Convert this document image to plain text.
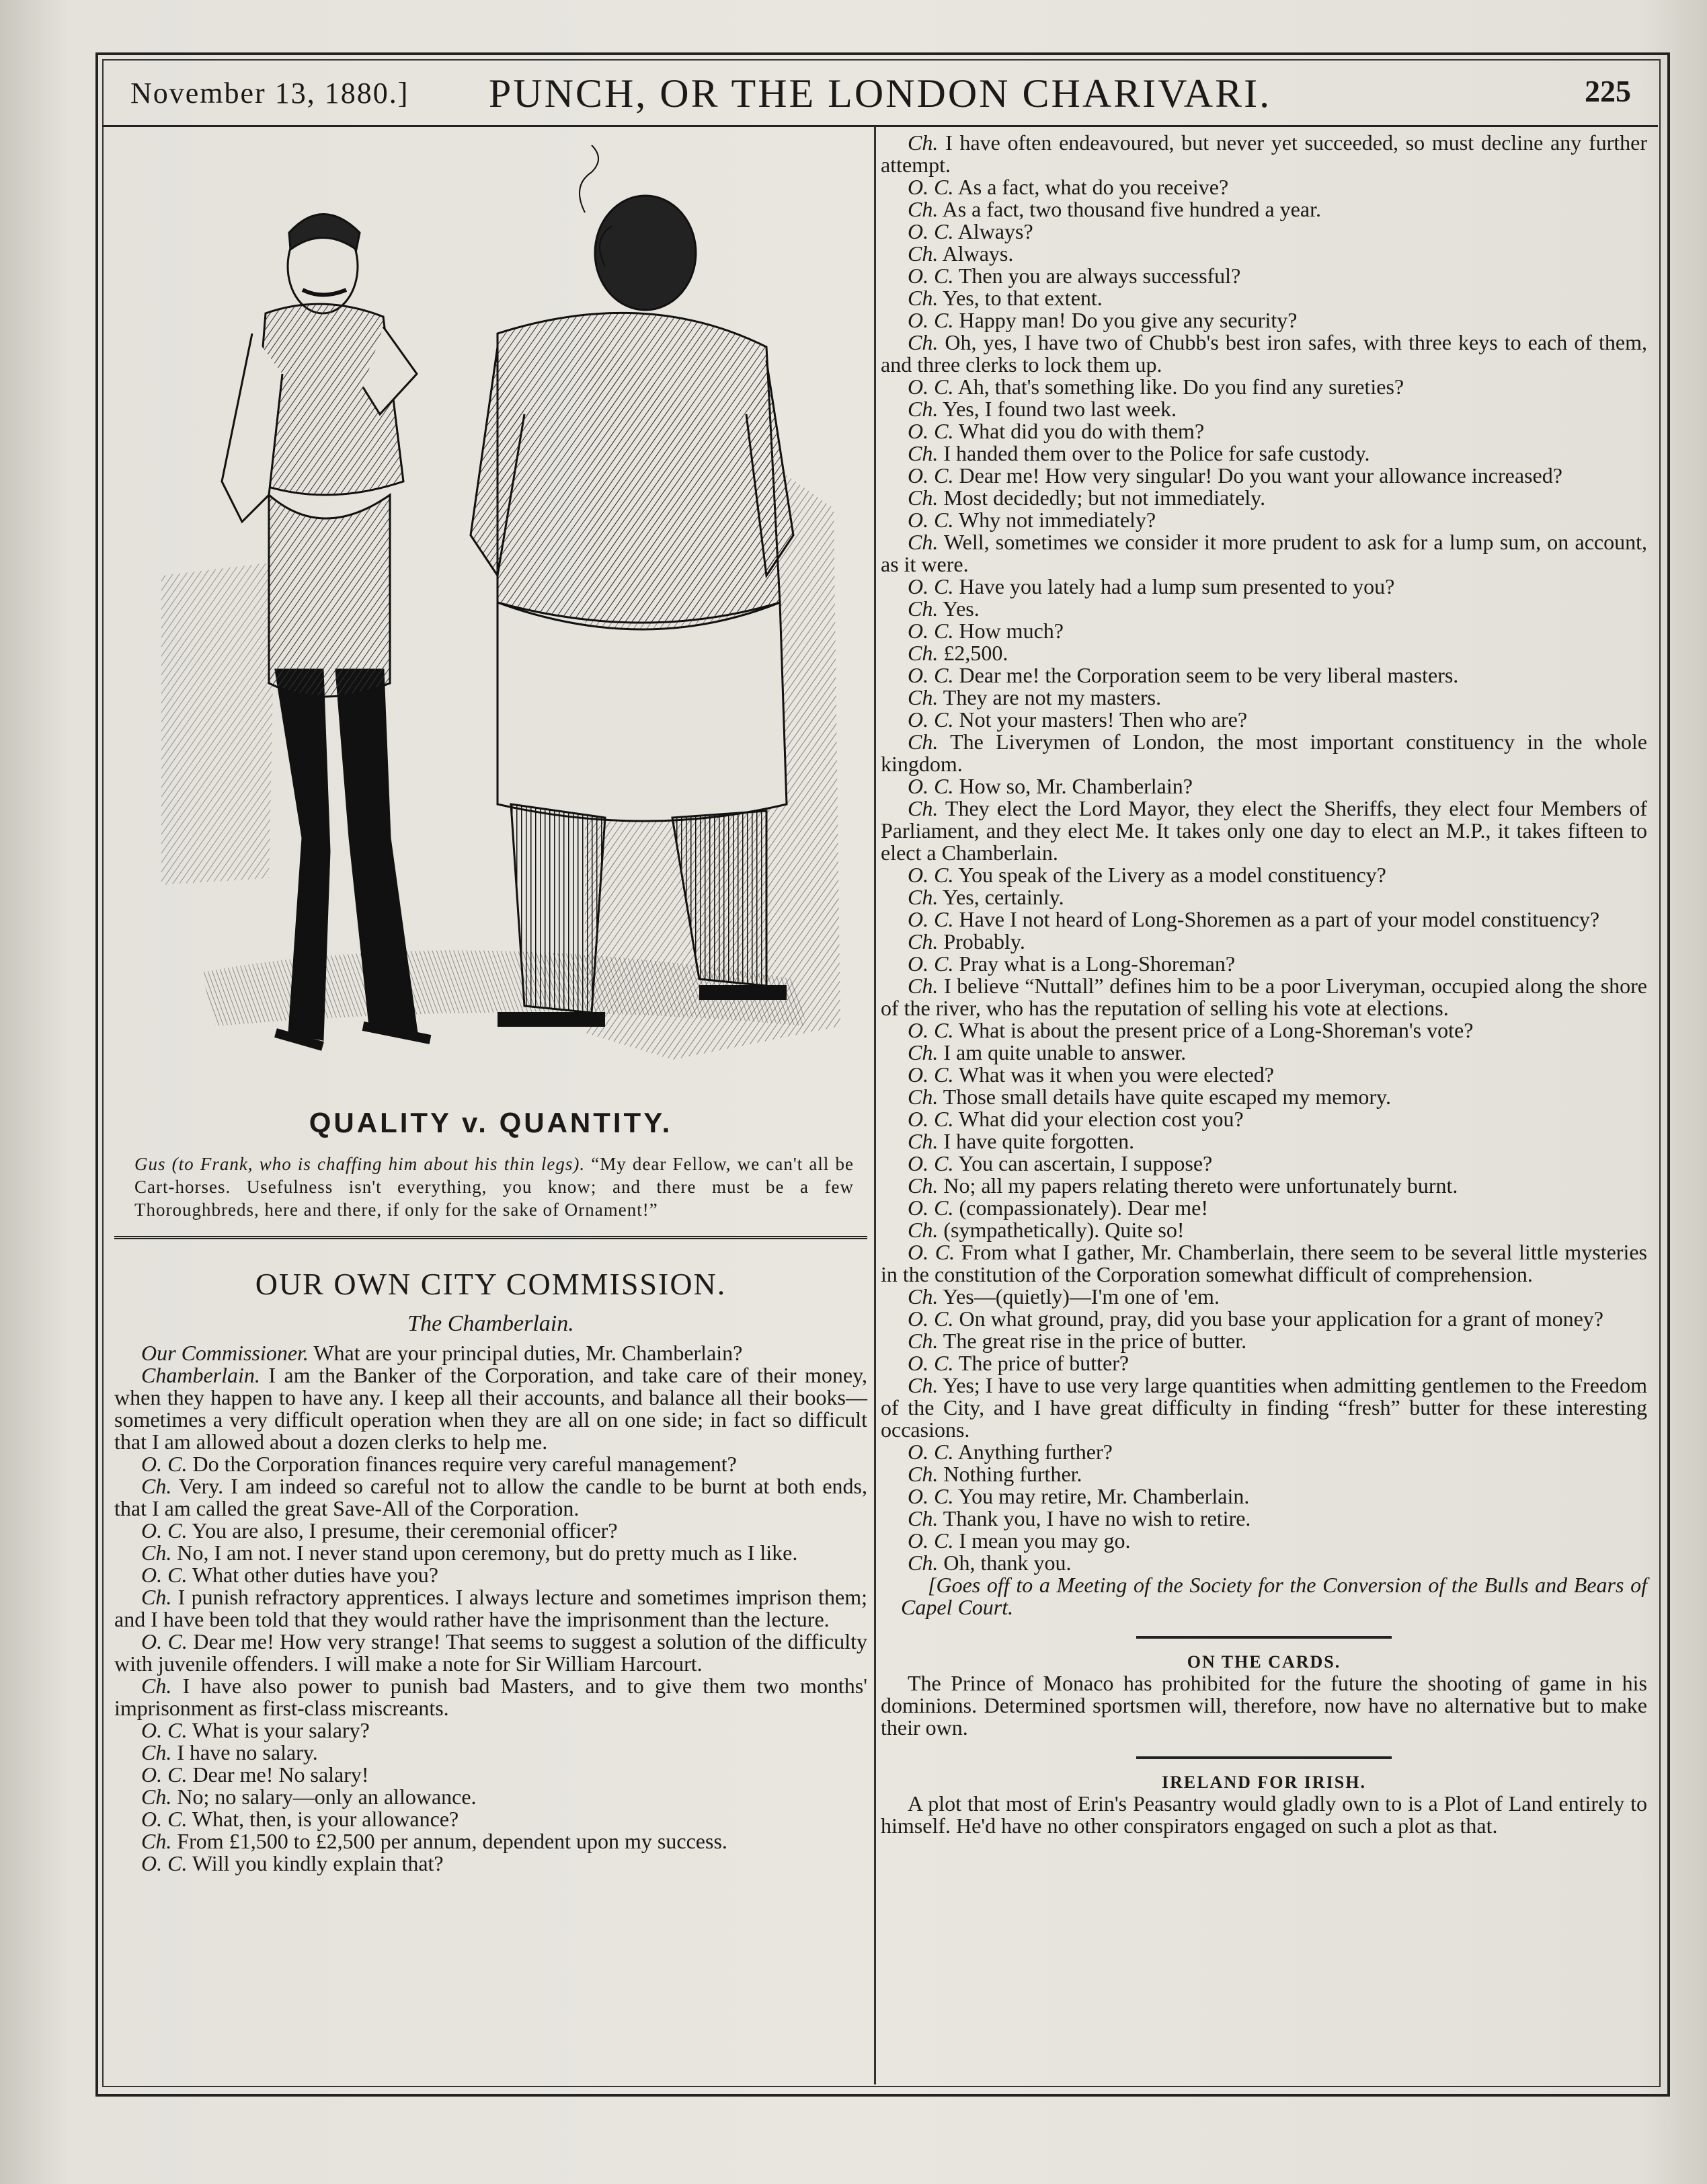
November 13, 1880.]	PUNCH, OR THE LONDON CHARIVARI.	225
QUALITY v. QUANTITY.
Gus (to Frank, who is chaffing him about his thin legs). “My dear Fellow, we can't all be Cart-horses. Usefulness isn't everything, you know; and there must be a few Thoroughbreds, here and there, if only for the sake of Ornament!”
OUR OWN CITY COMMISSION.
The Chamberlain.

Our Commissioner. What are your principal duties, Mr. Chamberlain?

Chamberlain. I am the Banker of the Corporation, and take care of their money, when they happen to have any. I keep all their accounts, and balance all their books—sometimes a very difficult operation when they are all on one side; in fact so difficult that I am allowed about a dozen clerks to help me.

O. C. Do the Corporation finances require very careful management?

Ch. Very. I am indeed so careful not to allow the candle to be burnt at both ends, that I am called the great Save-All of the Corporation.

O. C. You are also, I presume, their ceremonial officer?

Ch. No, I am not. I never stand upon ceremony, but do pretty much as I like.

O. C. What other duties have you?

Ch. I punish refractory apprentices. I always lecture and sometimes imprison them; and I have been told that they would rather have the imprisonment than the lecture.

O. C. Dear me! How very strange! That seems to suggest a solution of the difficulty with juvenile offenders. I will make a note for Sir William Harcourt.

Ch. I have also power to punish bad Masters, and to give them two months' imprisonment as first-class miscreants.

O. C. What is your salary?

Ch. I have no salary.

O. C. Dear me! No salary!

Ch. No; no salary—only an allowance.

O. C. What, then, is your allowance?

Ch. From £1,500 to £2,500 per annum, dependent upon my success.

O. C. Will you kindly explain that?

Ch. I have often endeavoured, but never yet succeeded, so must decline any further attempt.

O. C. As a fact, what do you receive?

Ch. As a fact, two thousand five hundred a year.

O. C. Always?

Ch. Always.

O. C. Then you are always successful?

Ch. Yes, to that extent.

O. C. Happy man! Do you give any security?

Ch. Oh, yes, I have two of Chubb's best iron safes, with three keys to each of them, and three clerks to lock them up.

O. C. Ah, that's something like. Do you find any sureties?

Ch. Yes, I found two last week.

O. C. What did you do with them?

Ch. I handed them over to the Police for safe custody.

O. C. Dear me! How very singular! Do you want your allowance increased?

Ch. Most decidedly; but not immediately.

O. C. Why not immediately?

Ch. Well, sometimes we consider it more prudent to ask for a lump sum, on account, as it were.

O. C. Have you lately had a lump sum presented to you?

Ch. Yes.

O. C. How much?

Ch. £2,500.

O. C. Dear me! the Corporation seem to be very liberal masters.

Ch. They are not my masters.

O. C. Not your masters! Then who are?

Ch. The Liverymen of London, the most important constituency in the whole kingdom.

O. C. How so, Mr. Chamberlain?

Ch. They elect the Lord Mayor, they elect the Sheriffs, they elect four Members of Parliament, and they elect Me. It takes only one day to elect an M.P., it takes fifteen to elect a Chamberlain.

O. C. You speak of the Livery as a model constituency?

Ch. Yes, certainly.

O. C. Have I not heard of Long-Shoremen as a part of your model constituency?

Ch. Probably.

O. C. Pray what is a Long-Shoreman?

Ch. I believe “Nuttall” defines him to be a poor Liveryman, occupied along the shore of the river, who has the reputation of selling his vote at elections.

O. C. What is about the present price of a Long-Shoreman's vote?

Ch. I am quite unable to answer.

O. C. What was it when you were elected?

Ch. Those small details have quite escaped my memory.

O. C. What did your election cost you?

Ch. I have quite forgotten.

O. C. You can ascertain, I suppose?

Ch. No; all my papers relating thereto were unfortunately burnt.

O. C. (compassionately). Dear me!

Ch. (sympathetically). Quite so!

O. C. From what I gather, Mr. Chamberlain, there seem to be several little mysteries in the constitution of the Corporation somewhat difficult of comprehension.

Ch. Yes—(quietly)—I'm one of 'em.

O. C. On what ground, pray, did you base your application for a grant of money?

Ch. The great rise in the price of butter.

O. C. The price of butter?

Ch. Yes; I have to use very large quantities when admitting gentlemen to the Freedom of the City, and I have great difficulty in finding “fresh” butter for these interesting occasions.

O. C. Anything further?

Ch. Nothing further.

O. C. You may retire, Mr. Chamberlain.

Ch. Thank you, I have no wish to retire.

O. C. I mean you may go.

Ch. Oh, thank you.

[Goes off to a Meeting of the Society for the Conversion of the Bulls and Bears of Capel Court.

ON THE CARDS.

The Prince of Monaco has prohibited for the future the shooting of game in his dominions. Determined sportsmen will, therefore, now have no alternative but to make their own.

IRELAND FOR IRISH.

A plot that most of Erin's Peasantry would gladly own to is a Plot of Land entirely to himself. He'd have no other conspirators engaged on such a plot as that.
